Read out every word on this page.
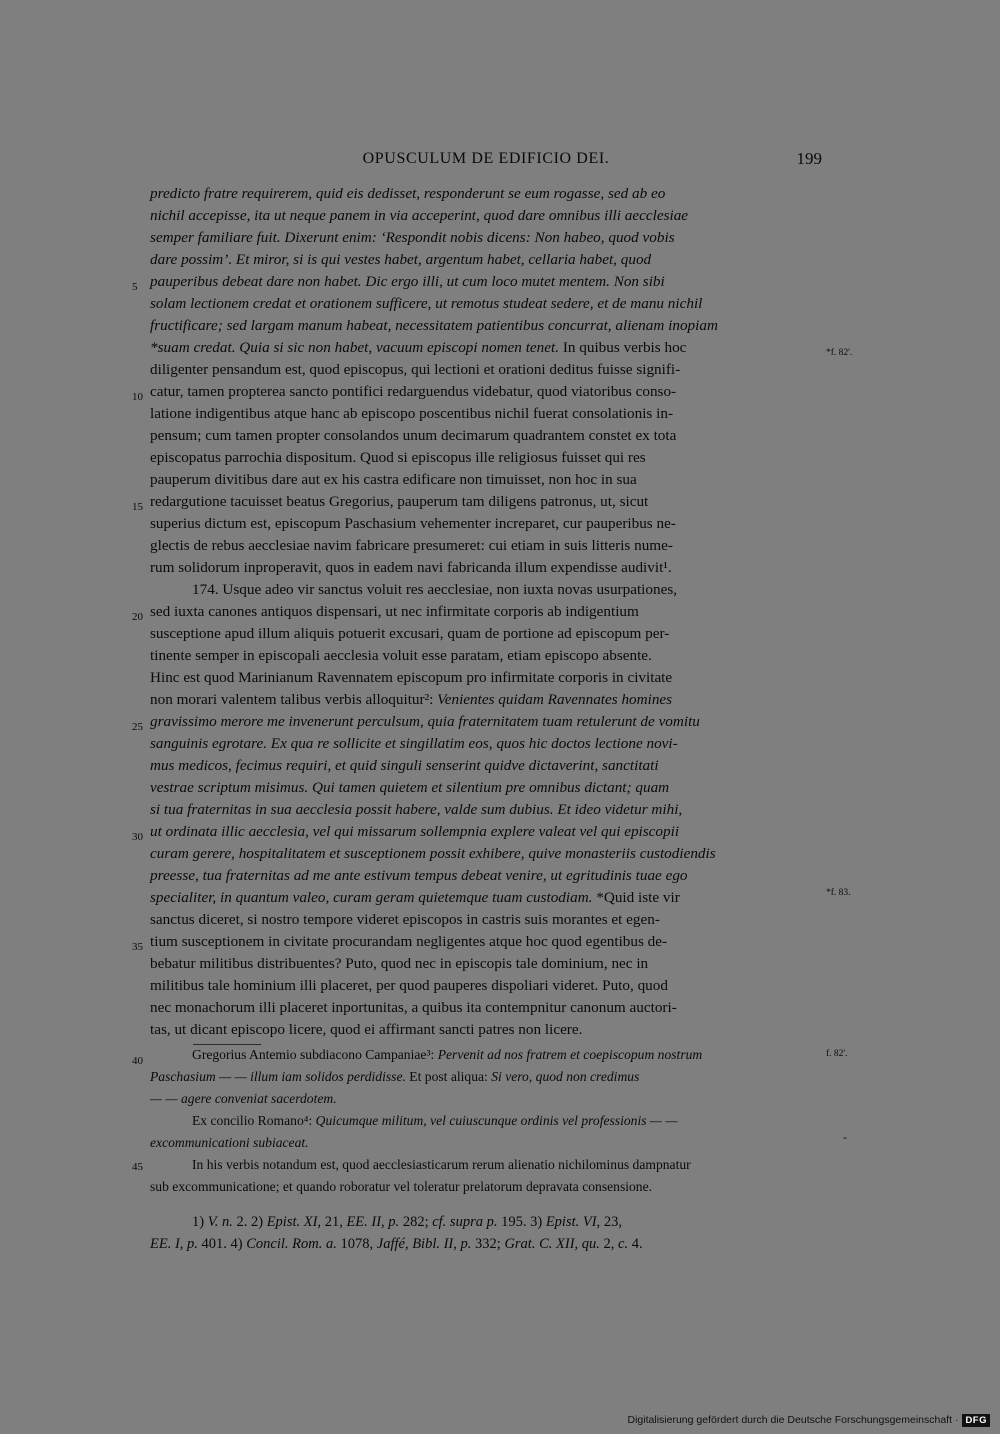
OPUSCULUM DE EDIFICIO DEI.	199
predicto fratre requirerem, quid eis dedisset, responderunt se eum rogasse, sed ab eo
nichil accepisse, ita ut neque panem in via acceperint, quod dare omnibus illi aecclesiae
semper familiare fuit. Dixerunt enim: ‘Respondit nobis dicens: Non habeo, quod vobis
dare possim’. Et miror, si is qui vestes habet, argentum habet, cellaria habet, quod
pauperibus debeat dare non habet. Dic ergo illi, ut cum loco mutet mentem. Non sibi
solam lectionem credat et orationem sufficere, ut remotus studeat sedere, et de manu nichil
fructificare; sed largam manum habeat, necessitatem patientibus concurrat, alienam inopiam
*suam credat. Quia si sic non habet, vacuum episcopi nomen tenet. In quibus verbis hoc
diligenter pensandum est, quod episcopus, qui lectioni et orationi deditus fuisse signifi-
catur, tamen propterea sancto pontifici redarguendus videbatur, quod viatoribus conso-
latione indigentibus atque hanc ab episcopo poscentibus nichil fuerat consolationis in-
pensum; cum tamen propter consolandos unum decimarum quadrantem constet ex tota
episcopatus parrochia dispositum. Quod si episcopus ille religiosus fuisset qui res
pauperum divitibus dare aut ex his castra edificare non timuisset, non hoc in sua
redargutione tacuisset beatus Gregorius, pauperum tam diligens patronus, ut, sicut
superius dictum est, episcopum Paschasium vehementer increparet, cur pauperibus ne-
glectis de rebus aecclesiae navim fabricare presumeret: cui etiam in suis litteris nume-
rum solidorum inproperavit, quos in eadem navi fabricanda illum expendisse audivit¹.
174. Usque adeo vir sanctus voluit res aecclesiae, non iuxta novas usurpationes,
sed iuxta canones antiquos dispensari, ut nec infirmitate corporis ab indigentium
susceptione apud illum aliquis potuerit excusari, quam de portione ad episcopum per-
tinente semper in episcopali aecclesia voluit esse paratam, etiam episcopo absente.
Hinc est quod Marinianum Ravennatem episcopum pro infirmitate corporis in civitate
non morari valentem talibus verbis alloquitur²: Venientes quidam Ravennates homines
gravissimo merore me invenerunt perculsum, quia fraternitatem tuam retulerunt de vomitu
sanguinis egrotare. Ex qua re sollicite et singillatim eos, quos hic doctos lectione novi-
mus medicos, fecimus requiri, et quid singuli senserint quidve dictaverint, sanctitati
vestrae scriptum misimus. Qui tamen quietem et silentium pre omnibus dictant; quam
si tua fraternitas in sua aecclesia possit habere, valde sum dubius. Et ideo videtur mihi,
ut ordinata illic aecclesia, vel qui missarum sollempnia explere valeat vel qui episcopii
curam gerere, hospitalitatem et susceptionem possit exhibere, quive monasteriis custodiendis
preesse, tua fraternitas ad me ante estivum tempus debeat venire, ut egritudinis tuae ego
specialiter, in quantum valeo, curam geram quietemque tuam custodiam. *Quid iste vir
sanctus diceret, si nostro tempore videret episcopos in castris suis morantes et egen-
tium susceptionem in civitate procurandam negligentes atque hoc quod egentibus de-
bebatur militibus distribuentes? Puto, quod nec in episcopis tale dominium, nec in
militibus tale hominium illi placeret, per quod pauperes dispoliari videret. Puto, quod
nec monachorum illi placeret inportunitas, a quibus ita contempnitur canonum auctori-
tas, ut dicant episcopo licere, quod ei affirmant sancti patres non licere.
5
10
15
20
25
30
35
40
45
*f. 82'.
*f. 83.
f. 82'.
Gregorius Antemio subdiacono Campaniae³: Pervenit ad nos fratrem et coepiscopum nostrum
Paschasium — — illum iam solidos perdidisse. Et post aliqua: Si vero, quod non credimus
— — agere conveniat sacerdotem.
Ex concilio Romano⁴: Quicumque militum, vel cuiuscunque ordinis vel professionis — —
excommunicationi subiaceat.
In his verbis notandum est, quod aecclesiasticarum rerum alienatio nichilominus dampnatur
sub excommunicatione; et quando roboratur vel toleratur prelatorum depravata consensione.
-
1) V. n. 2. 2) Epist. XI, 21, EE. II, p. 282; cf. supra p. 195. 3) Epist. VI, 23,
EE. I, p. 401. 4) Concil. Rom. a. 1078, Jaffé, Bibl. II, p. 332; Grat. C. XII, qu. 2, c. 4.
Digitalisierung gefördert durch die Deutsche Forschungsgemeinschaft · DFG
